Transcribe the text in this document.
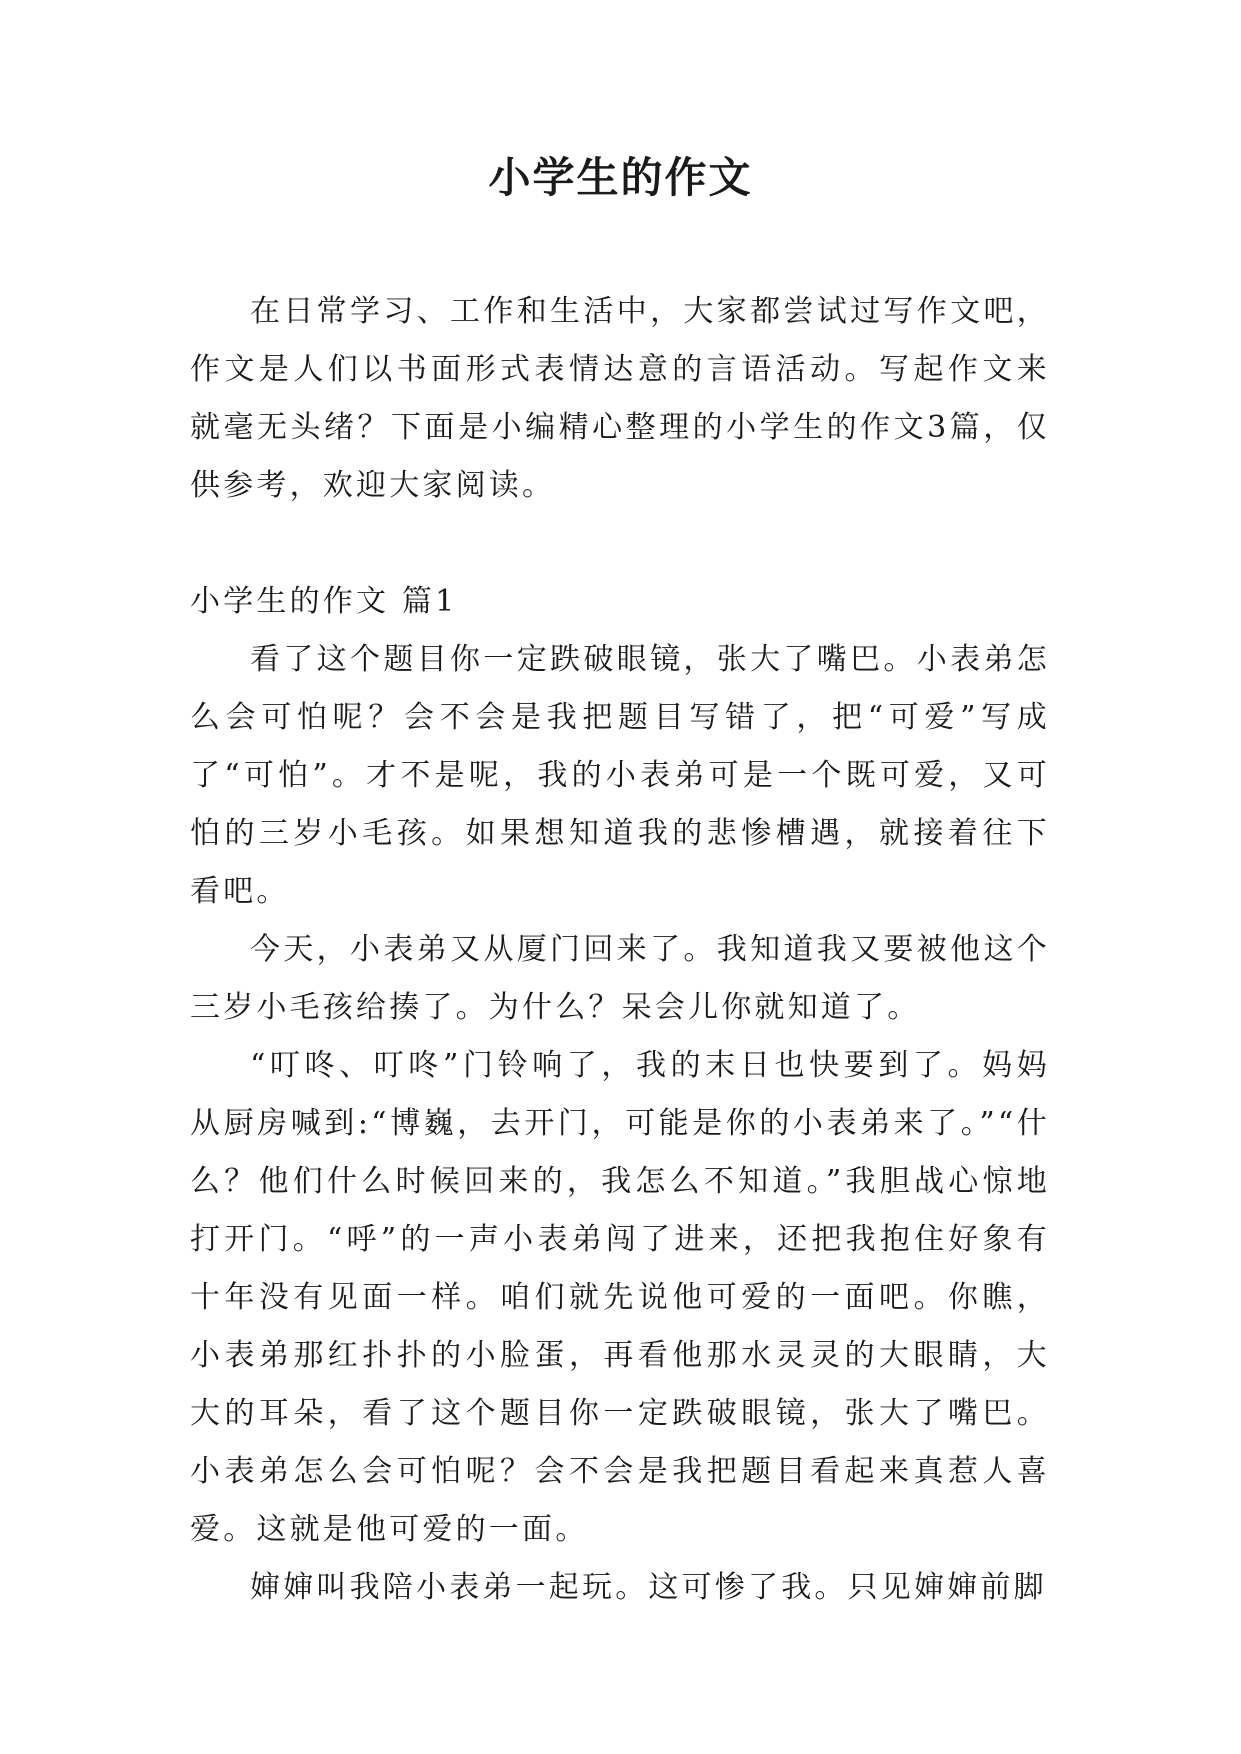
小学生的作文

在日常学习、工作和生活中，大家都尝试过写作文吧，作文是人们以书面形式表情达意的言语活动。写起作文来就毫无头绪？下面是小编精心整理的小学生的作文3篇，仅供参考，欢迎大家阅读。

小学生的作文 篇1

看了这个题目你一定跌破眼镜，张大了嘴巴。小表弟怎么会可怕呢？会不会是我把题目写错了，把“可爱”写成了“可怕”。才不是呢，我的小表弟可是一个既可爱，又可怕的三岁小毛孩。如果想知道我的悲惨槽遇，就接着往下看吧。

今天，小表弟又从厦门回来了。我知道我又要被他这个三岁小毛孩给揍了。为什么？呆会儿你就知道了。

“叮咚、叮咚”门铃响了，我的末日也快要到了。妈妈从厨房喊到:“博巍，去开门，可能是你的小表弟来了。”“什么？他们什么时候回来的，我怎么不知道。”我胆战心惊地打开门。“呼”的一声小表弟闯了进来，还把我抱住好象有十年没有见面一样。咱们就先说他可爱的一面吧。你瞧，小表弟那红扑扑的小脸蛋，再看他那水灵灵的大眼睛，大大的耳朵，看了这个题目你一定跌破眼镜，张大了嘴巴。小表弟怎么会可怕呢？会不会是我把题目看起来真惹人喜爱。这就是他可爱的一面。

婶婶叫我陪小表弟一起玩。这可惨了我。只见婶婶前脚
